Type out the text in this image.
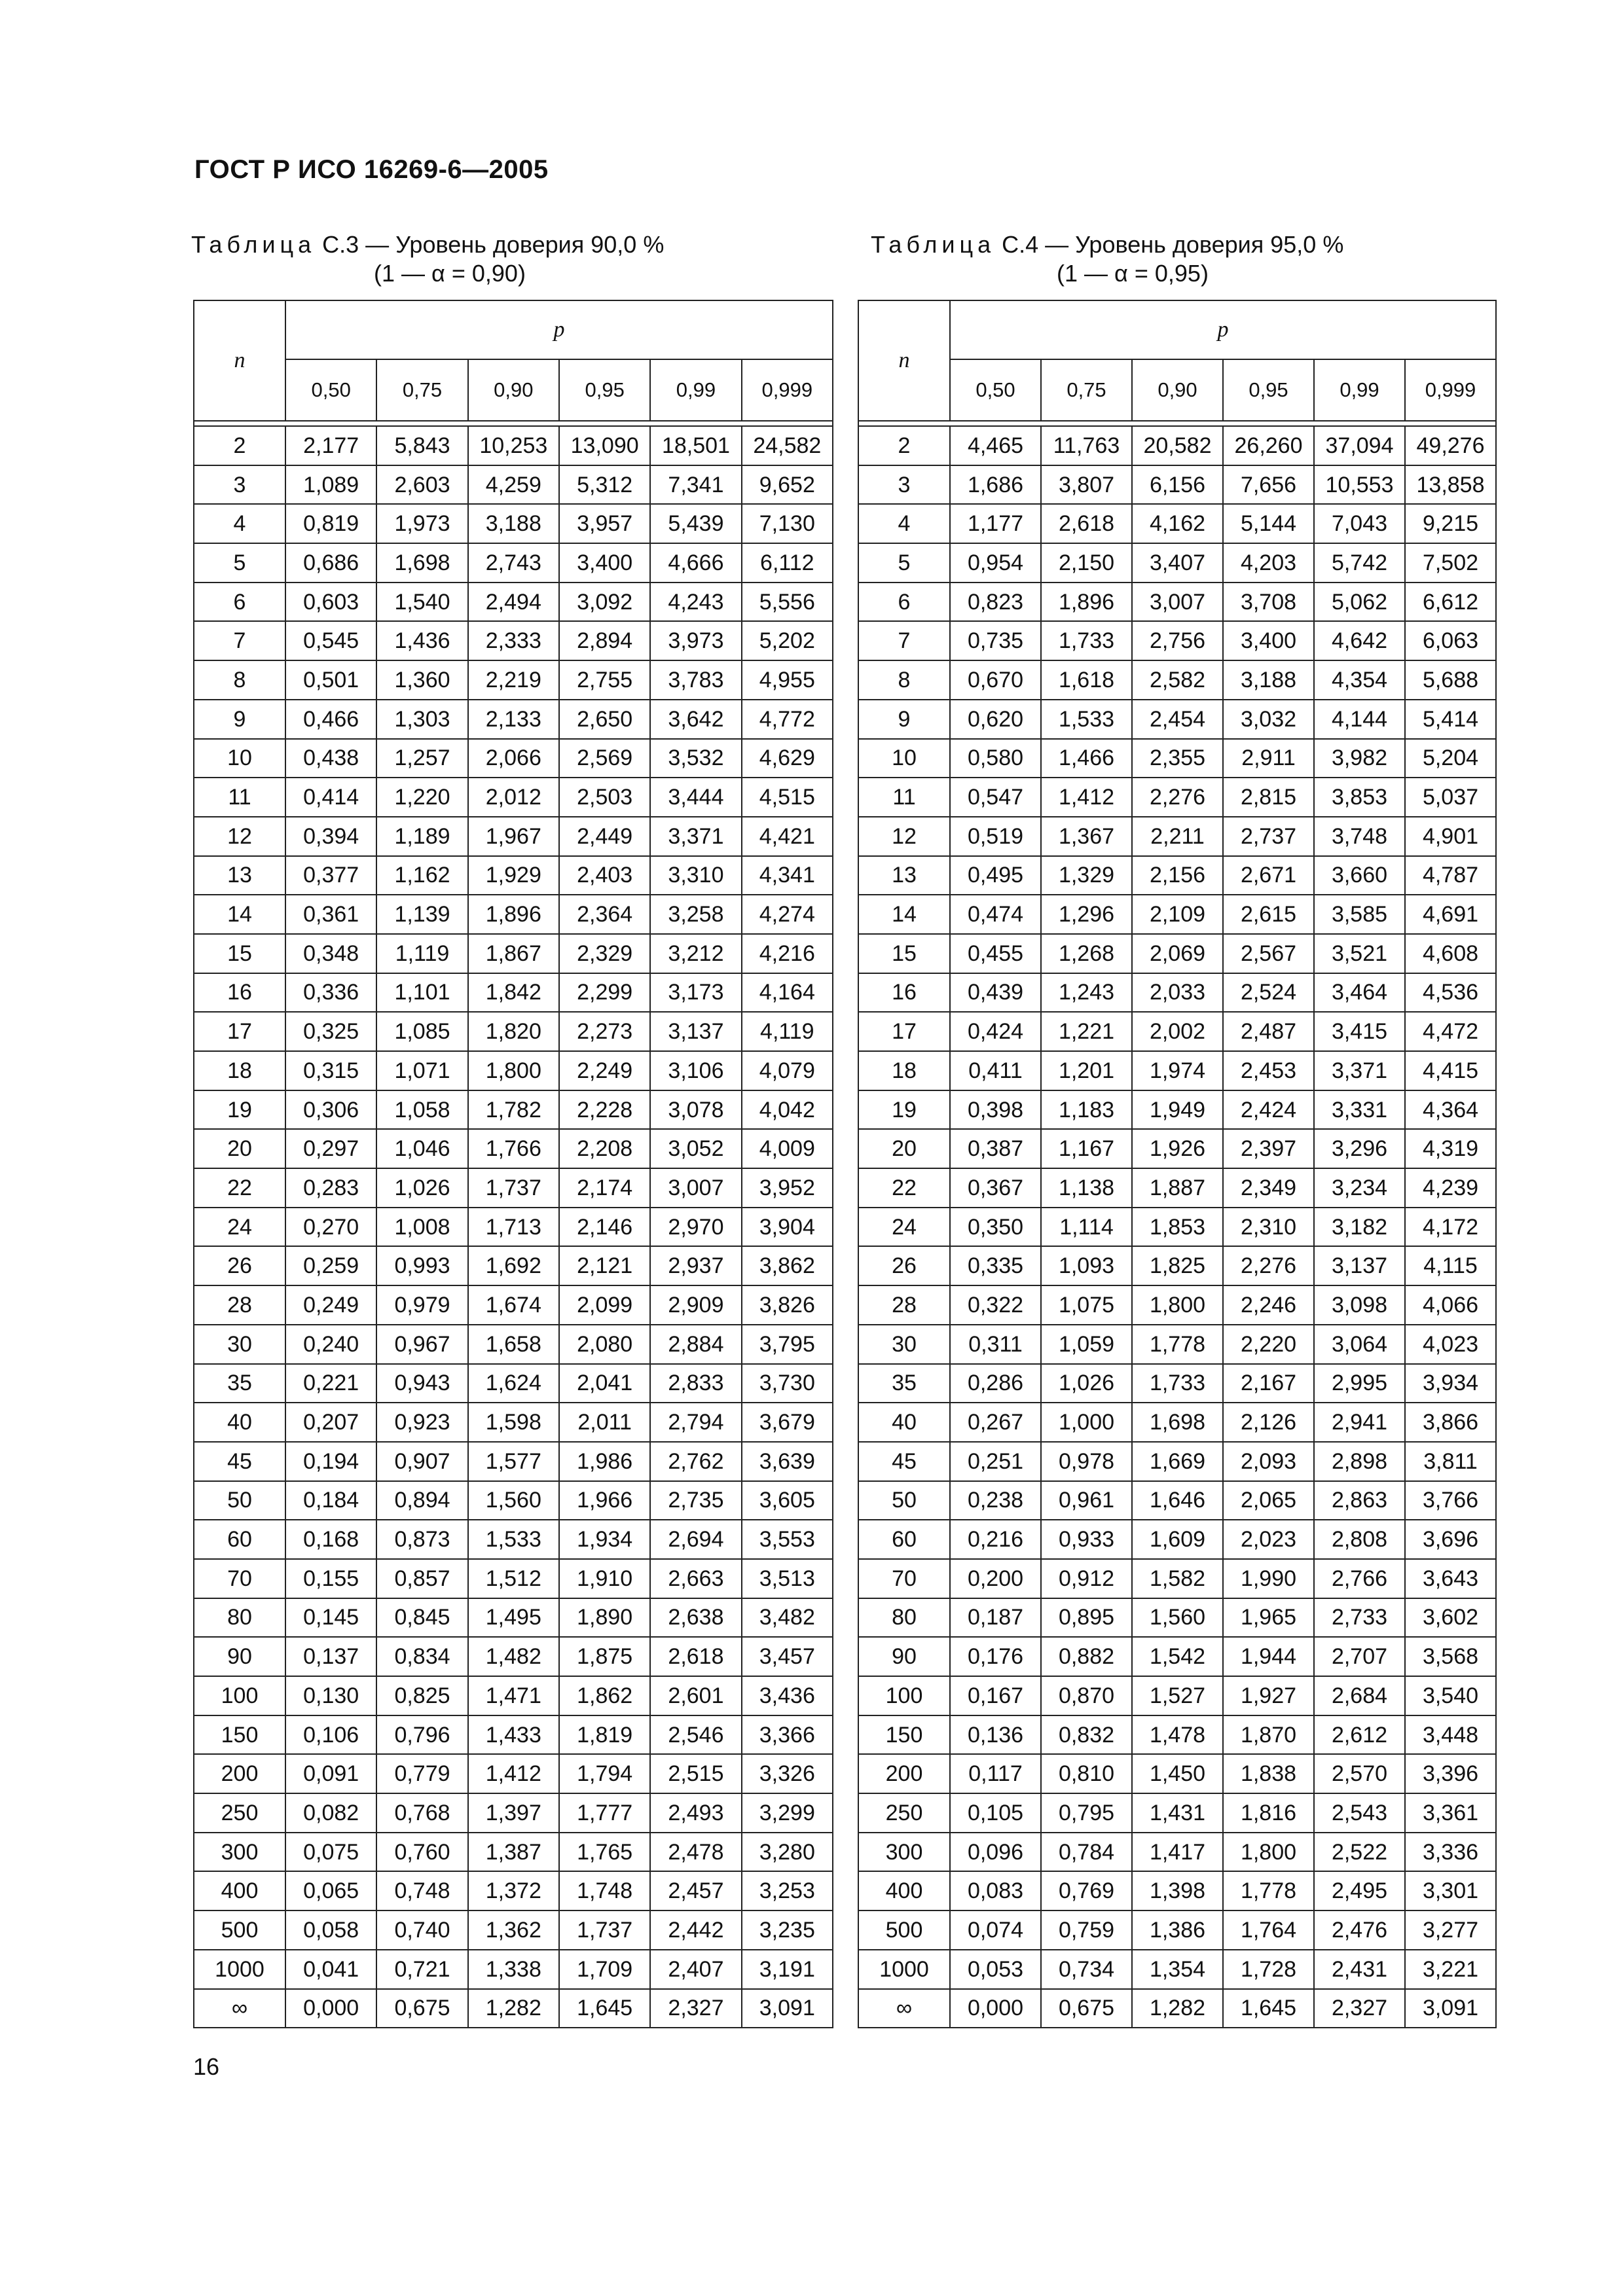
ГОСТ Р ИСО 16269-6—2005
Таблица С.3 — Уровень доверия 90,0 %
(1 — α = 0,90)
Таблица С.4 — Уровень доверия 95,0 %
(1 — α = 0,95)
n	p					
	0,50	0,75	0,90	0,95	0,99	0,999

2	2,177	5,843	10,253	13,090	18,501	24,582
3	1,089	2,603	4,259	5,312	7,341	9,652
4	0,819	1,973	3,188	3,957	5,439	7,130
5	0,686	1,698	2,743	3,400	4,666	6,112
6	0,603	1,540	2,494	3,092	4,243	5,556
7	0,545	1,436	2,333	2,894	3,973	5,202
8	0,501	1,360	2,219	2,755	3,783	4,955
9	0,466	1,303	2,133	2,650	3,642	4,772
10	0,438	1,257	2,066	2,569	3,532	4,629
11	0,414	1,220	2,012	2,503	3,444	4,515
12	0,394	1,189	1,967	2,449	3,371	4,421
13	0,377	1,162	1,929	2,403	3,310	4,341
14	0,361	1,139	1,896	2,364	3,258	4,274
15	0,348	1,119	1,867	2,329	3,212	4,216
16	0,336	1,101	1,842	2,299	3,173	4,164
17	0,325	1,085	1,820	2,273	3,137	4,119
18	0,315	1,071	1,800	2,249	3,106	4,079
19	0,306	1,058	1,782	2,228	3,078	4,042
20	0,297	1,046	1,766	2,208	3,052	4,009
22	0,283	1,026	1,737	2,174	3,007	3,952
24	0,270	1,008	1,713	2,146	2,970	3,904
26	0,259	0,993	1,692	2,121	2,937	3,862
28	0,249	0,979	1,674	2,099	2,909	3,826
30	0,240	0,967	1,658	2,080	2,884	3,795
35	0,221	0,943	1,624	2,041	2,833	3,730
40	0,207	0,923	1,598	2,011	2,794	3,679
45	0,194	0,907	1,577	1,986	2,762	3,639
50	0,184	0,894	1,560	1,966	2,735	3,605
60	0,168	0,873	1,533	1,934	2,694	3,553
70	0,155	0,857	1,512	1,910	2,663	3,513
80	0,145	0,845	1,495	1,890	2,638	3,482
90	0,137	0,834	1,482	1,875	2,618	3,457
100	0,130	0,825	1,471	1,862	2,601	3,436
150	0,106	0,796	1,433	1,819	2,546	3,366
200	0,091	0,779	1,412	1,794	2,515	3,326
250	0,082	0,768	1,397	1,777	2,493	3,299
300	0,075	0,760	1,387	1,765	2,478	3,280
400	0,065	0,748	1,372	1,748	2,457	3,253
500	0,058	0,740	1,362	1,737	2,442	3,235
1000	0,041	0,721	1,338	1,709	2,407	3,191
∞	0,000	0,675	1,282	1,645	2,327	3,091
n	p					
	0,50	0,75	0,90	0,95	0,99	0,999

2	4,465	11,763	20,582	26,260	37,094	49,276
3	1,686	3,807	6,156	7,656	10,553	13,858
4	1,177	2,618	4,162	5,144	7,043	9,215
5	0,954	2,150	3,407	4,203	5,742	7,502
6	0,823	1,896	3,007	3,708	5,062	6,612
7	0,735	1,733	2,756	3,400	4,642	6,063
8	0,670	1,618	2,582	3,188	4,354	5,688
9	0,620	1,533	2,454	3,032	4,144	5,414
10	0,580	1,466	2,355	2,911	3,982	5,204
11	0,547	1,412	2,276	2,815	3,853	5,037
12	0,519	1,367	2,211	2,737	3,748	4,901
13	0,495	1,329	2,156	2,671	3,660	4,787
14	0,474	1,296	2,109	2,615	3,585	4,691
15	0,455	1,268	2,069	2,567	3,521	4,608
16	0,439	1,243	2,033	2,524	3,464	4,536
17	0,424	1,221	2,002	2,487	3,415	4,472
18	0,411	1,201	1,974	2,453	3,371	4,415
19	0,398	1,183	1,949	2,424	3,331	4,364
20	0,387	1,167	1,926	2,397	3,296	4,319
22	0,367	1,138	1,887	2,349	3,234	4,239
24	0,350	1,114	1,853	2,310	3,182	4,172
26	0,335	1,093	1,825	2,276	3,137	4,115
28	0,322	1,075	1,800	2,246	3,098	4,066
30	0,311	1,059	1,778	2,220	3,064	4,023
35	0,286	1,026	1,733	2,167	2,995	3,934
40	0,267	1,000	1,698	2,126	2,941	3,866
45	0,251	0,978	1,669	2,093	2,898	3,811
50	0,238	0,961	1,646	2,065	2,863	3,766
60	0,216	0,933	1,609	2,023	2,808	3,696
70	0,200	0,912	1,582	1,990	2,766	3,643
80	0,187	0,895	1,560	1,965	2,733	3,602
90	0,176	0,882	1,542	1,944	2,707	3,568
100	0,167	0,870	1,527	1,927	2,684	3,540
150	0,136	0,832	1,478	1,870	2,612	3,448
200	0,117	0,810	1,450	1,838	2,570	3,396
250	0,105	0,795	1,431	1,816	2,543	3,361
300	0,096	0,784	1,417	1,800	2,522	3,336
400	0,083	0,769	1,398	1,778	2,495	3,301
500	0,074	0,759	1,386	1,764	2,476	3,277
1000	0,053	0,734	1,354	1,728	2,431	3,221
∞	0,000	0,675	1,282	1,645	2,327	3,091
16
